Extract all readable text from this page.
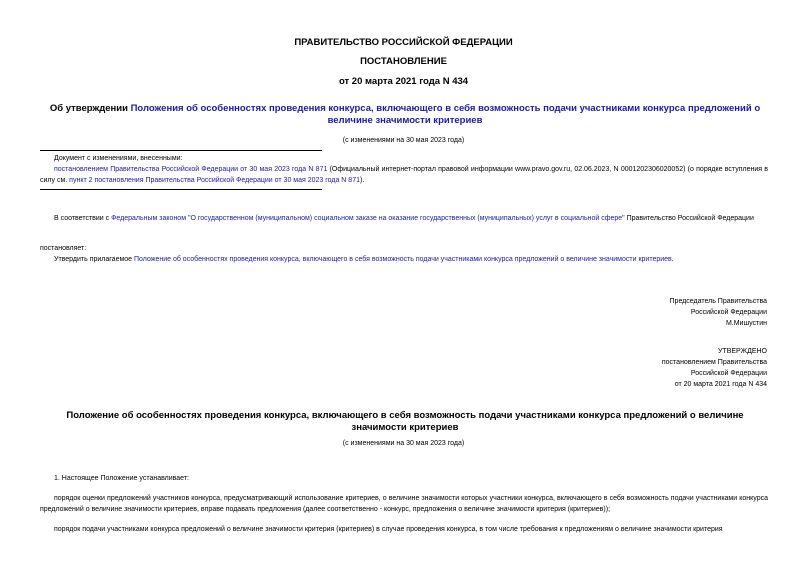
ПРАВИТЕЛЬСТВО РОССИЙСКОЙ ФЕДЕРАЦИИ
ПОСТАНОВЛЕНИЕ
от 20 марта 2021 года N 434
Об утверждении Положения об особенностях проведения конкурса, включающего в себя возможность подачи участниками конкурса предложений о величине значимости критериев
(с изменениями на 30 мая 2023 года)
Документ с изменениями, внесенными:
постановлением Правительства Российской Федерации от 30 мая 2023 года N 871 (Официальный интернет-портал правовой информации www.pravo.gov.ru, 02.06.2023, N 0001202306020052) (о порядке вступления в силу см. пункт 2 постановления Правительства Российской Федерации от 30 мая 2023 года N 871).
В соответствии с Федеральным законом "О государственном (муниципальном) социальном заказе на оказание государственных (муниципальных) услуг в социальной сфере" Правительство Российской Федерации
постановляет:
Утвердить прилагаемое Положение об особенностях проведения конкурса, включающего в себя возможность подачи участниками конкурса предложений о величине значимости критериев.
Председатель Правительства
Российской Федерации
М.Мишустин
УТВЕРЖДЕНО
постановлением Правительства
Российской Федерации
от 20 марта 2021 года N 434
Положение об особенностях проведения конкурса, включающего в себя возможность подачи участниками конкурса предложений о величине значимости критериев
(с изменениями на 30 мая 2023 года)
1. Настоящее Положение устанавливает:
порядок оценки предложений участников конкурса, предусматривающий использование критериев, о величине значимости которых участники конкурса, включающего в себя возможность подачи участниками конкурса предложений о величине значимости критериев, вправе подавать предложения (далее соответственно - конкурс, предложения о величине значимости критерия (критериев));
порядок подачи участниками конкурса предложений о величине значимости критерия (критериев) в случае проведения конкурса, в том числе требования к предложениям о величине значимости критерия
